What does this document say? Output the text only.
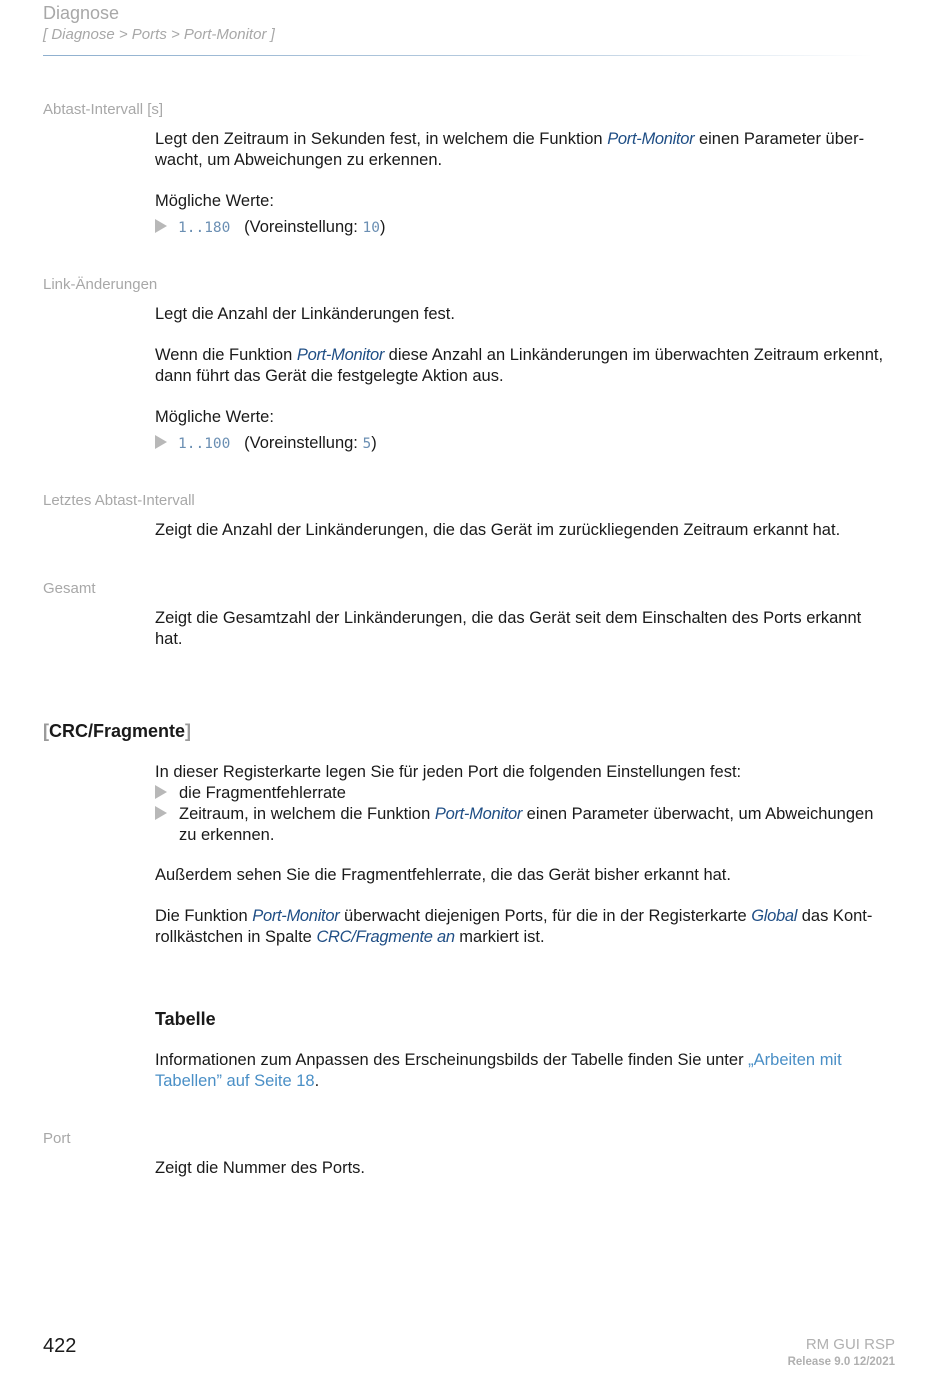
Diagnose
[ Diagnose > Ports > Port-Monitor ]
Abtast-Intervall [s]
Legt den Zeitraum in Sekunden fest, in welchem die Funktion Port-Monitor einen Parameter über-
wacht, um Abweichungen zu erkennen.
Mögliche Werte:
1..180 (Voreinstellung: 10)
Link-Änderungen
Legt die Anzahl der Linkänderungen fest.
Wenn die Funktion Port-Monitor diese Anzahl an Linkänderungen im überwachten Zeitraum erkennt,
dann führt das Gerät die festgelegte Aktion aus.
Mögliche Werte:
1..100 (Voreinstellung: 5)
Letztes Abtast-Intervall
Zeigt die Anzahl der Linkänderungen, die das Gerät im zurückliegenden Zeitraum erkannt hat.
Gesamt
Zeigt die Gesamtzahl der Linkänderungen, die das Gerät seit dem Einschalten des Ports erkannt
hat.
[CRC/Fragmente]
In dieser Registerkarte legen Sie für jeden Port die folgenden Einstellungen fest:
die Fragmentfehlerrate
Zeitraum, in welchem die Funktion Port-Monitor einen Parameter überwacht, um Abweichungen
zu erkennen.
Außerdem sehen Sie die Fragmentfehlerrate, die das Gerät bisher erkannt hat.
Die Funktion Port-Monitor überwacht diejenigen Ports, für die in der Registerkarte Global das Kont-
rollkästchen in Spalte CRC/Fragmente an markiert ist.
Tabelle
Informationen zum Anpassen des Erscheinungsbilds der Tabelle finden Sie unter „Arbeiten mit
Tabellen” auf Seite 18.
Port
Zeigt die Nummer des Ports.
422	RM GUI RSP
Release 9.0 12/2021
